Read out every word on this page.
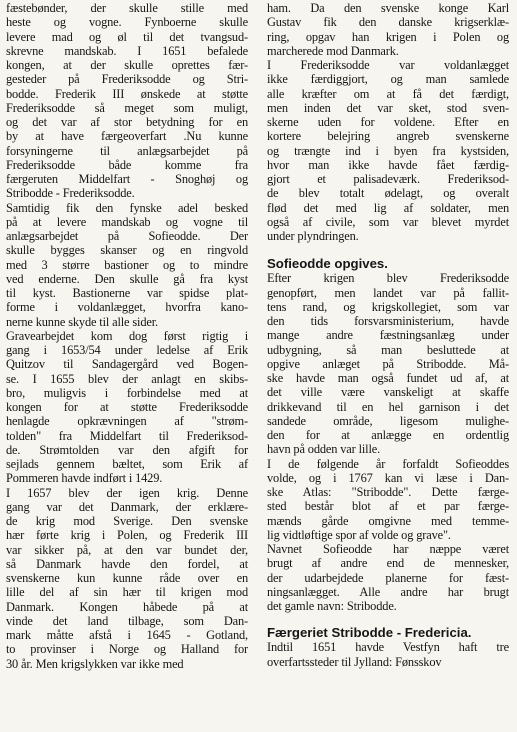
fæstebønder, der skulle stille med
heste og vogne. Fynboerne skulle
levere mad og øl til det tvangsud-
skrevne mandskab. I 1651 befalede
kongen, at der skulle oprettes fær-
gesteder på Frederiksodde og Stri-
bodde. Frederik III ønskede at støtte
Frederiksodde så meget som muligt,
og det var af stor betydning for en
by at have færgeoverfart .Nu kunne
forsyningerne til anlægsarbejdet på
Frederiksodde både komme fra
færgeruten Middelfart - Snoghøj og
Stribodde - Frederiksodde.
Samtidig fik den fynske adel besked
på at levere mandskab og vogne til
anlægsarbejdet på Sofieodde. Der
skulle bygges skanser og en ringvold
med 3 større bastioner og to mindre
ved enderne. Den skulle gå fra kyst
til kyst. Bastionerne var spidse plat-
forme i voldanlægget, hvorfra kano-
nerne kunne skyde til alle sider.
Gravearbejdet kom dog først rigtig i
gang i 1653/54 under ledelse af Erik
Quitzov til Sandagergård ved Bogen-
se. I 1655 blev der anlagt en skibs-
bro, muligvis i forbindelse med at
kongen for at støtte Frederiksodde
henlagde opkrævningen af "strøm-
tolden" fra Middelfart til Frederiksod-
de. Strømtolden var den afgift for
sejlads gennem bæltet, som Erik af
Pommeren havde indført i 1429.
I 1657 blev der igen krig. Denne
gang var det Danmark, der erklære-
de krig mod Sverige. Den svenske
hær førte krig i Polen, og Frederik III
var sikker på, at den var bundet der,
så Danmark havde den fordel, at
svenskerne kun kunne råde over en
lille del af sin hær til krigen mod
Danmark. Kongen håbede på at
vinde det land tilbage, som Dan-
mark måtte afstå i 1645 - Gotland,
to provinser i Norge og Halland for
30 år. Men krigslykken var ikke med
ham. Da den svenske konge Karl
Gustav fik den danske krigserklæ-
ring, opgav han krigen i Polen og
marcherede mod Danmark.
I Frederiksodde var voldanlægget
ikke færdiggjort, og man samlede
alle kræfter om at få det færdigt,
men inden det var sket, stod sven-
skerne uden for voldene. Efter en
kortere belejring angreb svenskerne
og trængte ind i byen fra kystsiden,
hvor man ikke havde fået færdig-
gjort et palisadeværk. Frederiksod-
de blev totalt ødelagt, og overalt
flød det med lig af soldater, men
også af civile, som var blevet myrdet
under plyndringen.
Sofieodde opgives.
Efter krigen blev Frederiksodde
genopført, men landet var på fallit-
tens rand, og krigskollegiet, som var
den tids forsvarsministerium, havde
mange andre fæstningsanlæg under
udbygning, så man besluttede at
opgive anlæget på Stribodde. Må-
ske havde man også fundet ud af, at
det ville være vanskeligt at skaffe
drikkevand til en hel garnison i det
sandede område, ligesom mulighe-
den for at anlægge en ordentlig
havn på odden var lille.
I de følgende år forfaldt Sofieoddes
volde, og i 1767 kan vi læse i Dan-
ske Atlas: "Stribodde". Dette færge-
sted består blot af et par færge-
mænds gårde omgivne med temme-
lig vidtløftige spor af volde og grave".
Navnet Sofieodde har næppe været
brugt af andre end de mennesker,
der udarbejdede planerne for fæst-
ningsanlægget. Alle andre har brugt
det gamle navn: Stribodde.
Færgeriet Stribodde - Fredericia.
Indtil 1651 havde Vestfyn haft tre
overfartssteder til Jylland: Fønsskov
